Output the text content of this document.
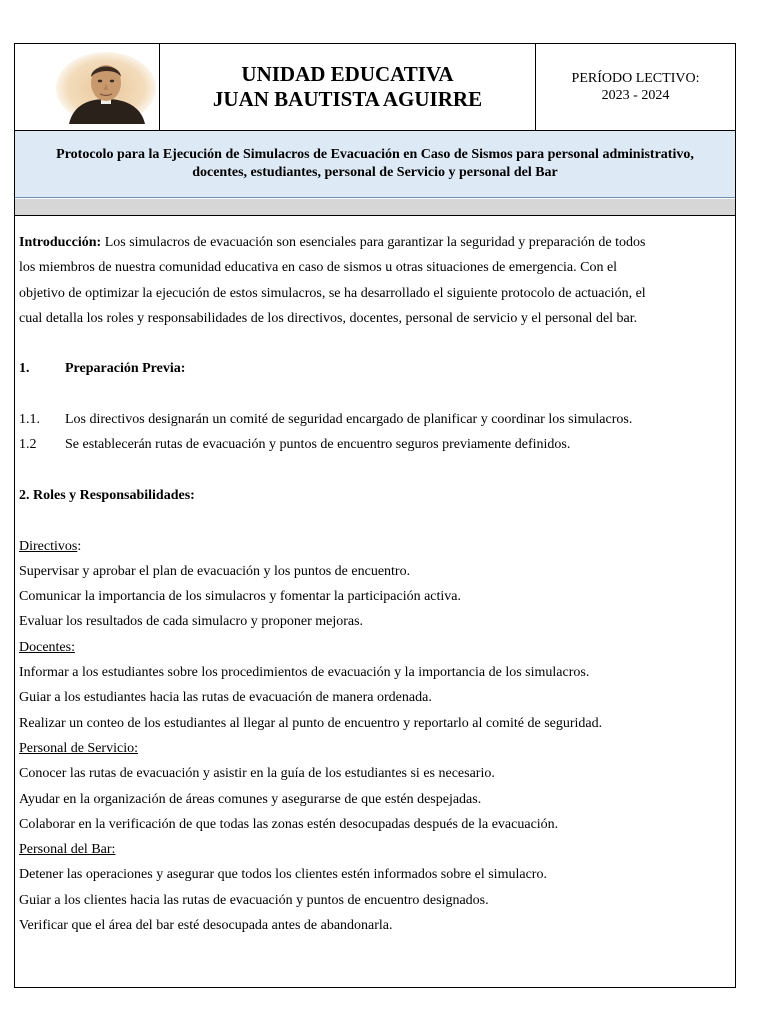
UNIDAD EDUCATIVA
JUAN BAUTISTA AGUIRRE
PERÍODO LECTIVO:
2023 - 2024
Protocolo para la Ejecución de Simulacros de Evacuación en Caso de Sismos para personal administrativo,
docentes, estudiantes, personal de Servicio y personal del Bar
Introducción: Los simulacros de evacuación son esenciales para garantizar la seguridad y preparación de todos
los miembros de nuestra comunidad educativa en caso de sismos u otras situaciones de emergencia. Con el
objetivo de optimizar la ejecución de estos simulacros, se ha desarrollado el siguiente protocolo de actuación, el
cual detalla los roles y responsabilidades de los directivos, docentes, personal de servicio y el personal del bar.
1.	Preparación Previa:
1.1. Los directivos designarán un comité de seguridad encargado de planificar y coordinar los simulacros.
1.2 Se establecerán rutas de evacuación y puntos de encuentro seguros previamente definidos.
2. Roles y Responsabilidades:
Directivos:
Supervisar y aprobar el plan de evacuación y los puntos de encuentro.
Comunicar la importancia de los simulacros y fomentar la participación activa.
Evaluar los resultados de cada simulacro y proponer mejoras.
Docentes:
Informar a los estudiantes sobre los procedimientos de evacuación y la importancia de los simulacros.
Guiar a los estudiantes hacia las rutas de evacuación de manera ordenada.
Realizar un conteo de los estudiantes al llegar al punto de encuentro y reportarlo al comité de seguridad.
Personal de Servicio:
Conocer las rutas de evacuación y asistir en la guía de los estudiantes si es necesario.
Ayudar en la organización de áreas comunes y asegurarse de que estén despejadas.
Colaborar en la verificación de que todas las zonas estén desocupadas después de la evacuación.
Personal del Bar:
Detener las operaciones y asegurar que todos los clientes estén informados sobre el simulacro.
Guiar a los clientes hacia las rutas de evacuación y puntos de encuentro designados.
Verificar que el área del bar esté desocupada antes de abandonarla.
